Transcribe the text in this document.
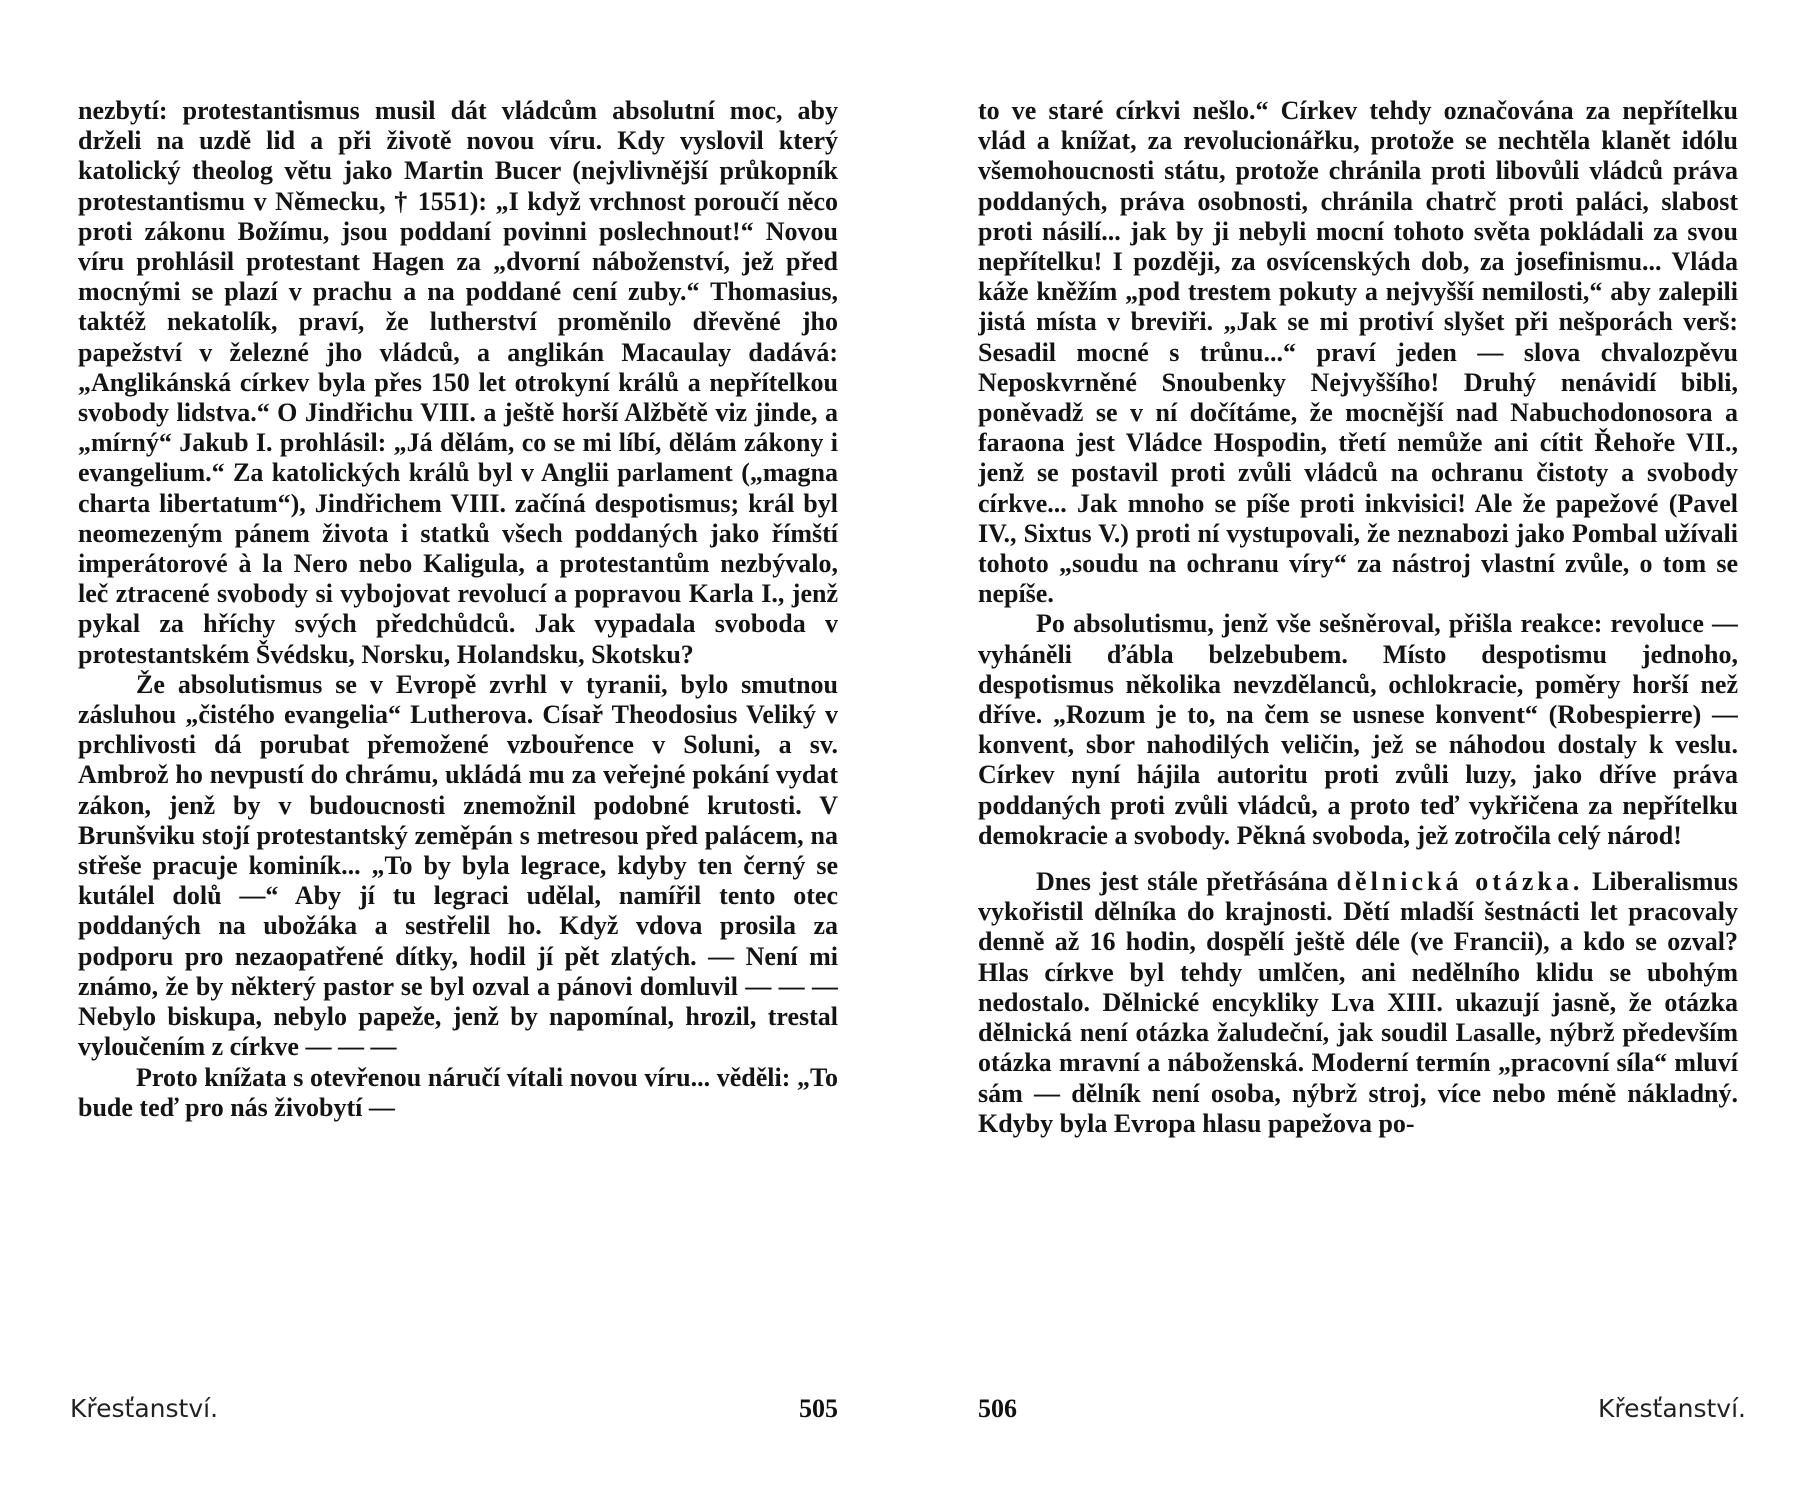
nezbytí: protestantismus musil dát vládcům absolutní moc, aby drželi na uzdě lid a při životě novou víru. Kdy vyslovil který katolický theolog větu jako Martin Bucer (nejvlivnější průkopník protestantismu v Německu, † 1551): „I když vrchnost poroučí něco proti zákonu Božímu, jsou poddaní povinni poslechnout!“ Novou víru prohlásil protestant Hagen za „dvorní náboženství, jež před mocnými se plazí v prachu a na poddané cení zuby.“ Thomasius, taktéž nekatolík, praví, že lutherství proměnilo dřevěné jho papežství v železné jho vládců, a anglikán Macaulay dadává: „Anglikánská církev byla přes 150 let otrokyní králů a nepřítelkou svobody lidstva.“ O Jindřichu VIII. a ještě horší Alžbětě viz jinde, a „mírný“ Jakub I. prohlásil: „Já dělám, co se mi líbí, dělám zákony i evangelium.“ Za katolických králů byl v Anglii parlament („magna charta libertatum“), Jindřichem VIII. začíná despotismus; král byl neomezeným pánem života i statků všech poddaných jako římští imperátorové à la Nero nebo Kaligula, a protestantům nezbývalo, leč ztracené svobody si vybojovat revolucí a popravou Karla I., jenž pykal za hříchy svých předchůdců. Jak vypadala svoboda v protestantském Švédsku, Norsku, Holandsku, Skotsku?

Že absolutismus se v Evropě zvrhl v tyranii, bylo smutnou zásluhou „čistého evangelia“ Lutherova. Císař Theodosius Veliký v prchlivosti dá porubat přemožené vzbouřence v Soluni, a sv. Ambrož ho nevpustí do chrámu, ukládá mu za veřejné pokání vydat zákon, jenž by v budoucnosti znemožnil podobné krutosti. V Brunšviku stojí protestantský zeměpán s metresou před palácem, na střeše pracuje kominík... „To by byla legrace, kdyby ten černý se kutálel dolů —“ Aby jí tu legraci udělal, namířil tento otec poddaných na ubožáka a sestřelil ho. Když vdova prosila za podporu pro nezaopatřené dítky, hodil jí pět zlatých. — Není mi známo, že by některý pastor se byl ozval a pánovi domluvil — — — Nebylo biskupa, nebylo papeže, jenž by napomínal, hrozil, trestal vyloučením z církve — — —

Proto knížata s otevřenou náručí vítali novou víru... věděli: „To bude teď pro nás živobytí —

Křesťanství.	505

to ve staré církvi nešlo.“ Církev tehdy označována za nepřítelku vlád a knížat, za revolucionářku, protože se nechtěla klanět idólu všemohoucnosti státu, protože chránila proti libovůli vládců práva poddaných, práva osobnosti, chránila chatrč proti paláci, slabost proti násilí... jak by ji nebyli mocní tohoto světa pokládali za svou nepřítelku! I později, za osvícenských dob, za josefinismu... Vláda káže kněžím „pod trestem pokuty a nejvyšší nemilosti,“ aby zalepili jistá místa v breviři. „Jak se mi protiví slyšet při nešporách verš: Sesadil mocné s trůnu...“ praví jeden — slova chvalozpěvu Neposkvrněné Snoubenky Nejvyššího! Druhý nenávidí bibli, poněvadž se v ní dočítáme, že mocnější nad Nabuchodonosora a faraona jest Vládce Hospodin, třetí nemůže ani cítit Řehoře VII., jenž se postavil proti zvůli vládců na ochranu čistoty a svobody církve... Jak mnoho se píše proti inkvisici! Ale že papežové (Pavel IV., Sixtus V.) proti ní vystupovali, že neznabozi jako Pombal užívali tohoto „soudu na ochranu víry“ za nástroj vlastní zvůle, o tom se nepíše.

Po absolutismu, jenž vše sešněroval, přišla reakce: revoluce — vyháněli ďábla belzebubem. Místo despotismu jednoho, despotismus několika nevzdělanců, ochlokracie, poměry horší než dříve. „Rozum je to, na čem se usnese konvent“ (Robespierre) — konvent, sbor nahodilých veličin, jež se náhodou dostaly k veslu. Církev nyní hájila autoritu proti zvůli luzy, jako dříve práva poddaných proti zvůli vládců, a proto teď vykřičena za nepřítelku demokracie a svobody. Pěkná svoboda, jež zotročila celý národ!

Dnes jest stále přetřásána dělnická otázka. Liberalismus vykořistil dělníka do krajnosti. Dětí mladší šestnácti let pracovaly denně až 16 hodin, dospělí ještě déle (ve Francii), a kdo se ozval? Hlas církve byl tehdy umlčen, ani nedělního klidu se ubohým nedostalo. Dělnické encykliky Lva XIII. ukazují jasně, že otázka dělnická není otázka žaludeční, jak soudil Lasalle, nýbrž především otázka mravní a náboženská. Moderní termín „pracovní síla“ mluví sám — dělník není osoba, nýbrž stroj, více nebo méně nákladný. Kdyby byla Evropa hlasu papežova po-

506	Křesťanství.
